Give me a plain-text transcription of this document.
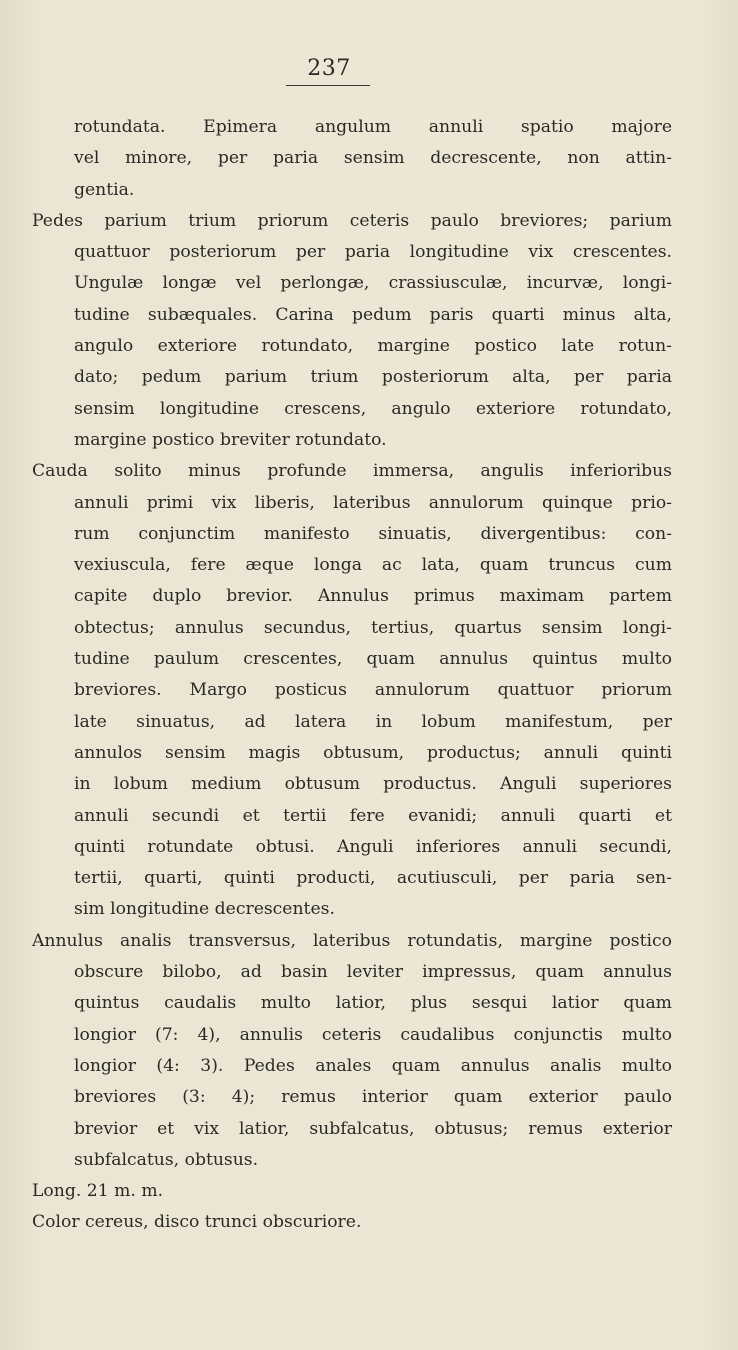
237
rotundata. Epimera angulum annuli spatio majore
vel minore, per paria sensim decrescente, non attin-
gentia.
Pedes parium trium priorum ceteris paulo breviores; parium
quattuor posteriorum per paria longitudine vix crescentes.
Ungulæ longæ vel perlongæ, crassiusculæ, incurvæ, longi-
tudine subæquales. Carina pedum paris quarti minus alta,
angulo exteriore rotundato, margine postico late rotun-
dato; pedum parium trium posteriorum alta, per paria
sensim longitudine crescens, angulo exteriore rotundato,
margine postico breviter rotundato.
Cauda solito minus profunde immersa, angulis inferioribus
annuli primi vix liberis, lateribus annulorum quinque prio-
rum conjunctim manifesto sinuatis, divergentibus: con-
vexiuscula, fere æque longa ac lata, quam truncus cum
capite duplo brevior. Annulus primus maximam partem
obtectus; annulus secundus, tertius, quartus sensim longi-
tudine paulum crescentes, quam annulus quintus multo
breviores. Margo posticus annulorum quattuor priorum
late sinuatus, ad latera in lobum manifestum, per
annulos sensim magis obtusum, productus; annuli quinti
in lobum medium obtusum productus. Anguli superiores
annuli secundi et tertii fere evanidi; annuli quarti et
quinti rotundate obtusi. Anguli inferiores annuli secundi,
tertii, quarti, quinti producti, acutiusculi, per paria sen-
sim longitudine decrescentes.
Annulus analis transversus, lateribus rotundatis, margine postico
obscure bilobo, ad basin leviter impressus, quam annulus
quintus caudalis multo latior, plus sesqui latior quam
longior (7: 4), annulis ceteris caudalibus conjunctis multo
longior (4: 3). Pedes anales quam annulus analis multo
breviores (3: 4); remus interior quam exterior paulo
brevior et vix latior, subfalcatus, obtusus; remus exterior
subfalcatus, obtusus.
Long. 21 m. m.
Color cereus, disco trunci obscuriore.
